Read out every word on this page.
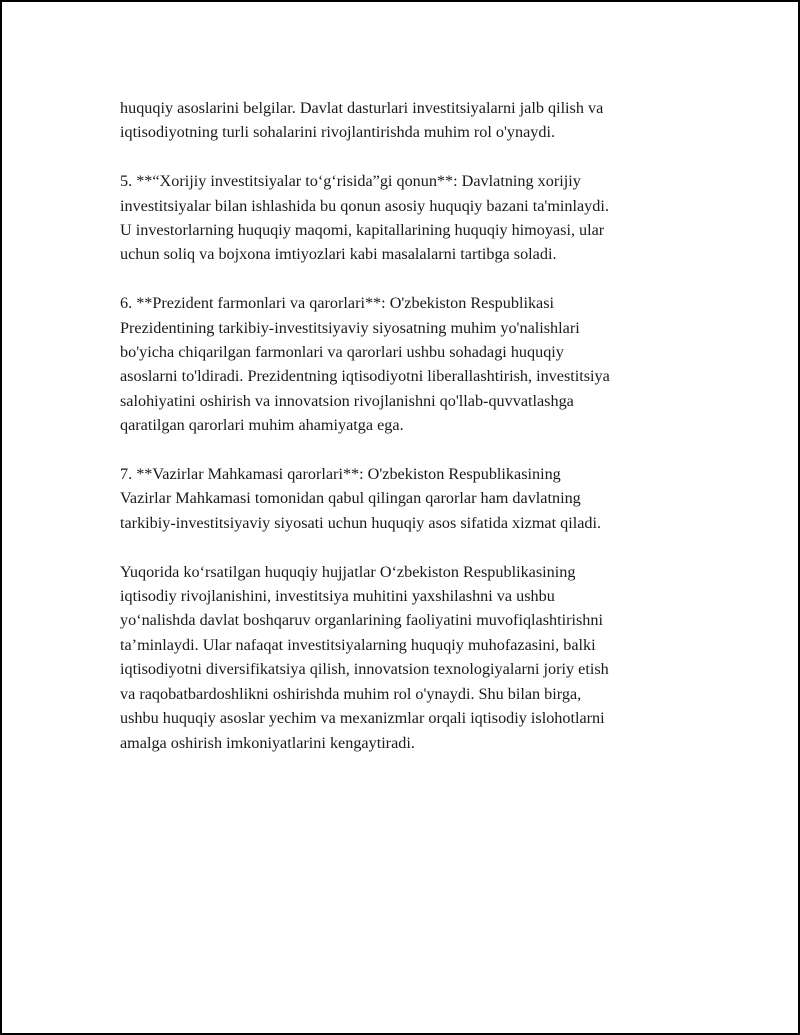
huquqiy asoslarini belgilar. Davlat dasturlari investitsiyalarni jalb qilish va
iqtisodiyotning turli sohalarini rivojlantirishda muhim rol o'ynaydi.

5. **“Xorijiy investitsiyalar to‘g‘risida”gi qonun**: Davlatning xorijiy
investitsiyalar bilan ishlashida bu qonun asosiy huquqiy bazani ta'minlaydi.
U investorlarning huquqiy maqomi, kapitallarining huquqiy himoyasi, ular
uchun soliq va bojxona imtiyozlari kabi masalalarni tartibga soladi.

6. **Prezident farmonlari va qarorlari**: O'zbekiston Respublikasi
Prezidentining tarkibiy-investitsiyaviy siyosatning muhim yo'nalishlari
bo'yicha chiqarilgan farmonlari va qarorlari ushbu sohadagi huquqiy
asoslarni to'ldiradi. Prezidentning iqtisodiyotni liberallashtirish, investitsiya
salohiyatini oshirish va innovatsion rivojlanishni qo'llab-quvvatlashga
qaratilgan qarorlari muhim ahamiyatga ega.

7. **Vazirlar Mahkamasi qarorlari**: O'zbekiston Respublikasining
Vazirlar Mahkamasi tomonidan qabul qilingan qarorlar ham davlatning
tarkibiy-investitsiyaviy siyosati uchun huquqiy asos sifatida xizmat qiladi.

Yuqorida ko‘rsatilgan huquqiy hujjatlar O‘zbekiston Respublikasining
iqtisodiy rivojlanishini, investitsiya muhitini yaxshilashni va ushbu
yo‘nalishda davlat boshqaruv organlarining faoliyatini muvofiqlashtirishni
ta’minlaydi. Ular nafaqat investitsiyalarning huquqiy muhofazasini, balki
iqtisodiyotni diversifikatsiya qilish, innovatsion texnologiyalarni joriy etish
va raqobatbardoshlikni oshirishda muhim rol o'ynaydi. Shu bilan birga,
ushbu huquqiy asoslar yechim va mexanizmlar orqali iqtisodiy islohotlarni
amalga oshirish imkoniyatlarini kengaytiradi.
